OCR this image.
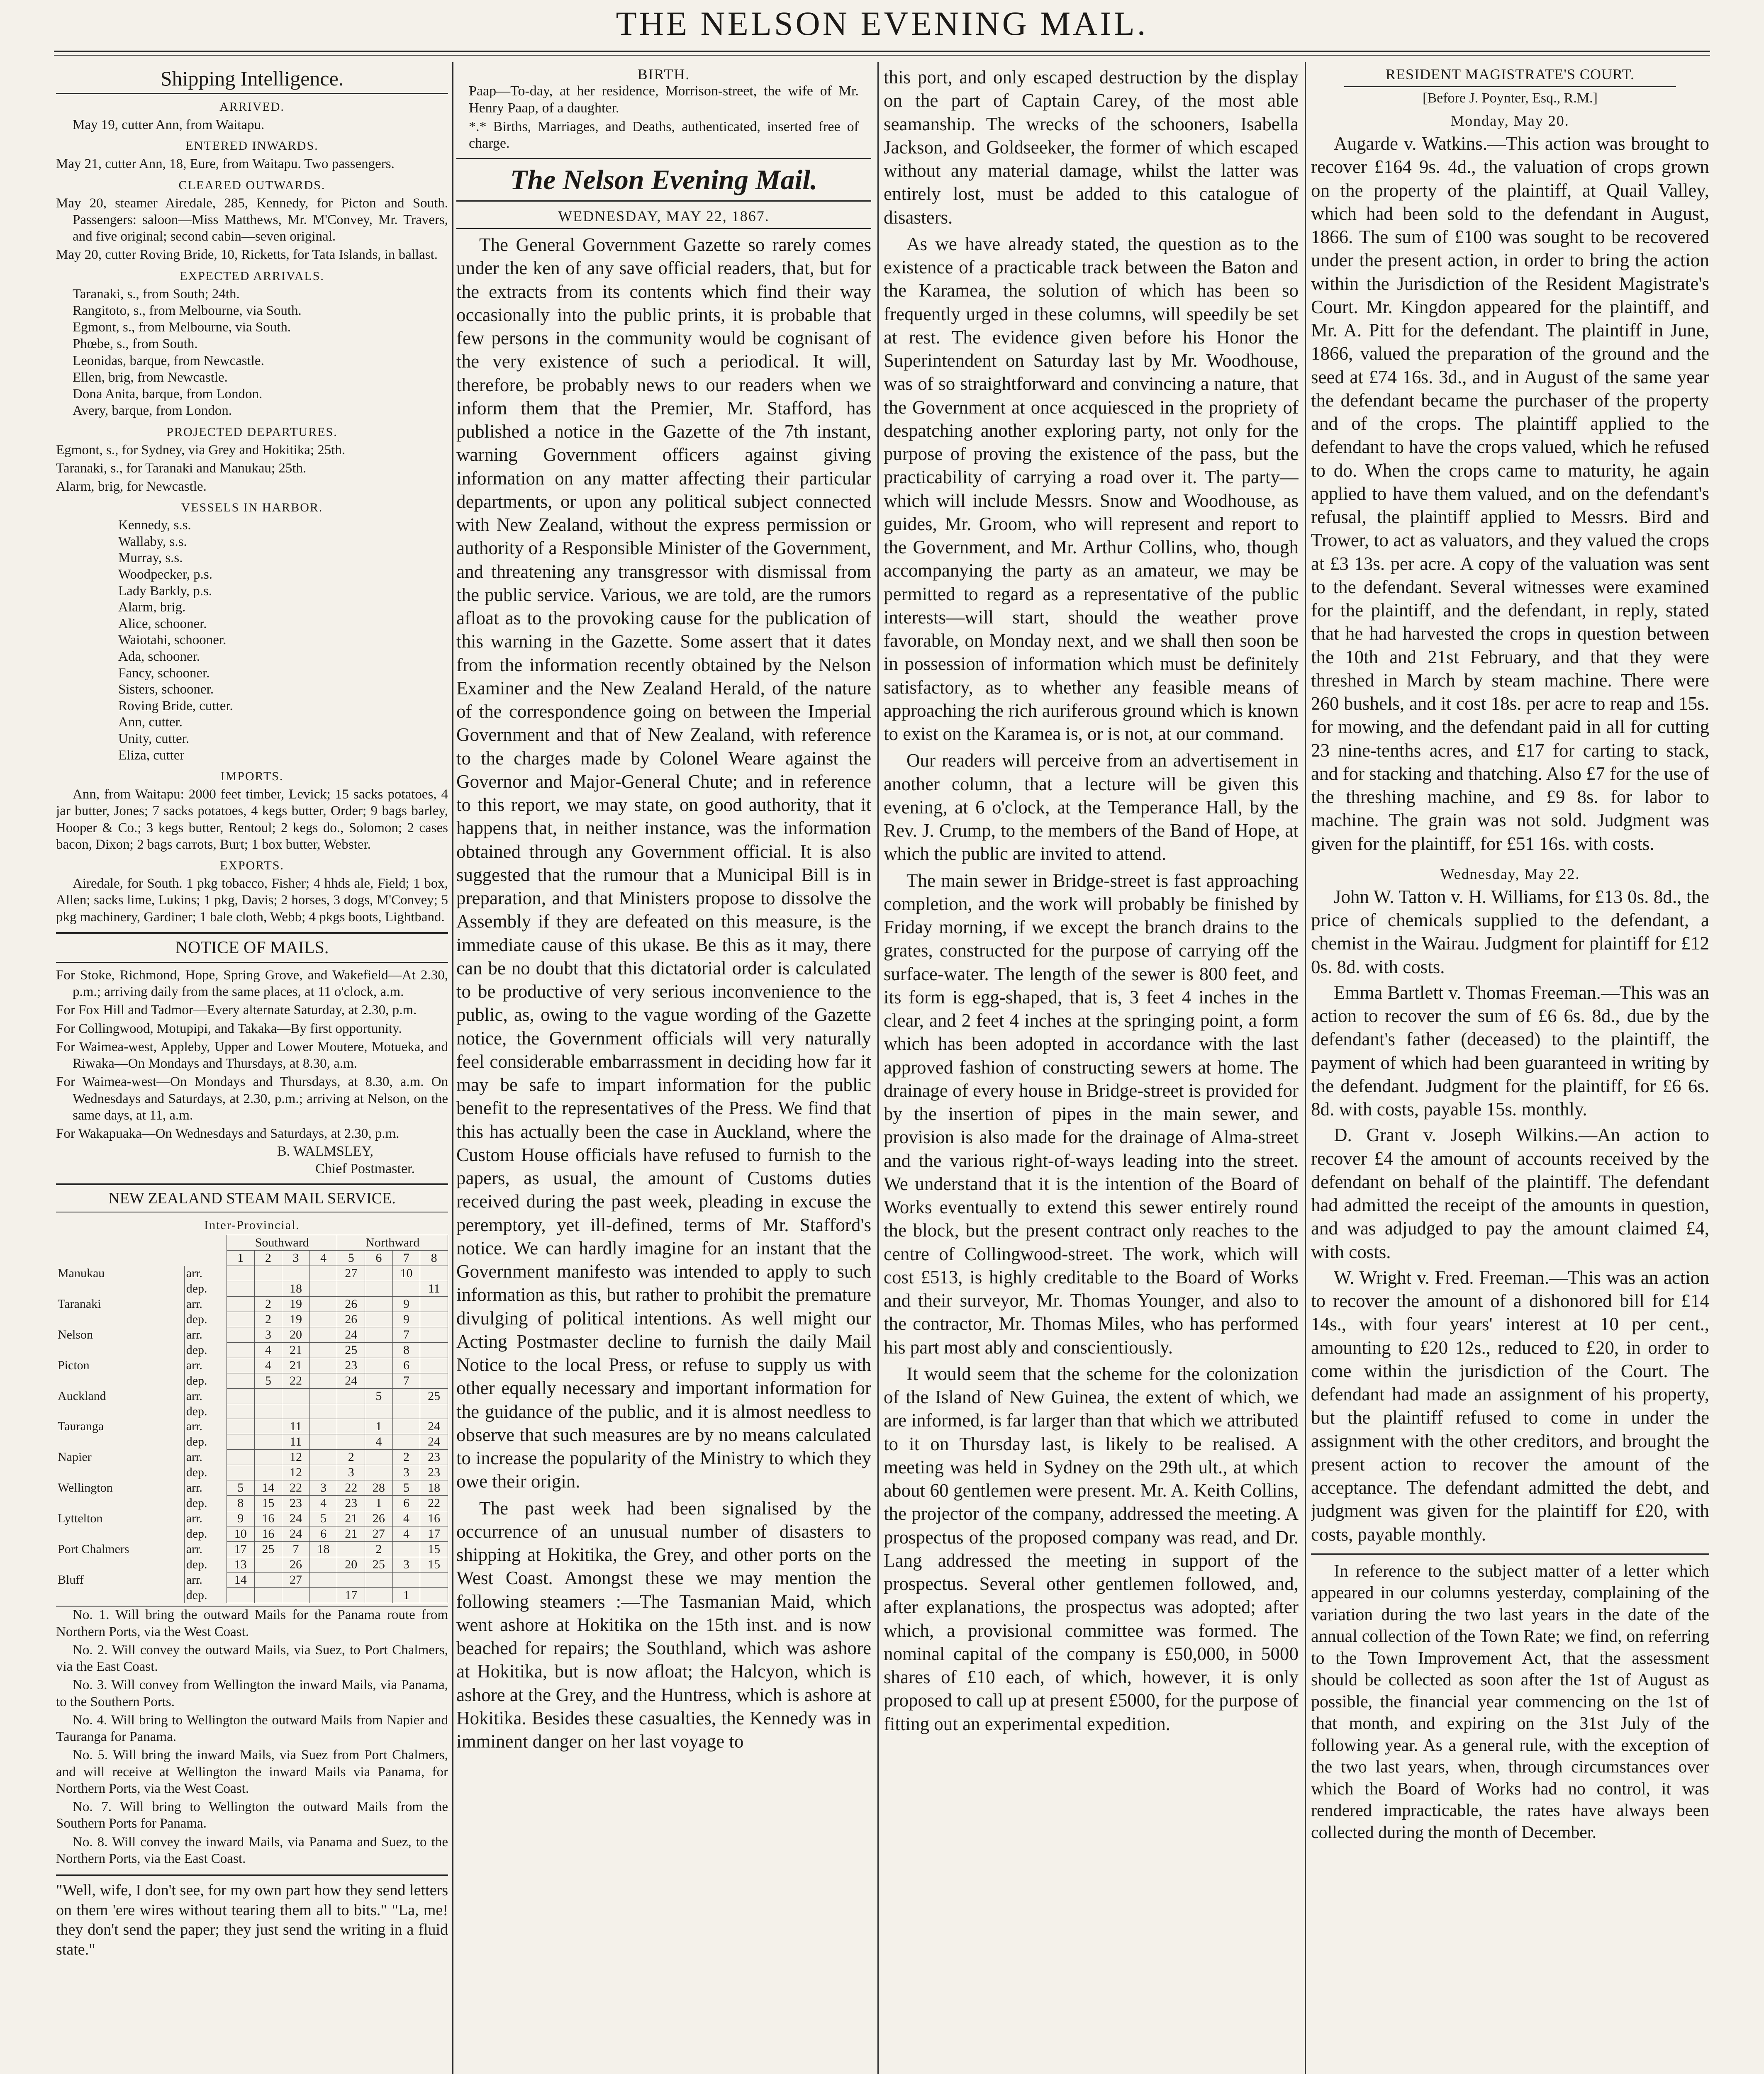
THE NELSON EVENING MAIL.
Shipping Intelligence.
ARRIVED.

May 19, cutter Ann, from Waitapu.

ENTERED INWARDS.

May 21, cutter Ann, 18, Eure, from Waitapu. Two passengers.

CLEARED OUTWARDS.

May 20, steamer Airedale, 285, Kennedy, for Picton and South. Passengers: saloon—Miss Matthews, Mr. M'Convey, Mr. Travers, and five original; second cabin—seven original.

May 20, cutter Roving Bride, 10, Ricketts, for Tata Islands, in ballast.

EXPECTED ARRIVALS.

Taranaki, s., from South; 24th.

Rangitoto, s., from Melbourne, via South.

Egmont, s., from Melbourne, via South.

Phœbe, s., from South.

Leonidas, barque, from Newcastle.

Ellen, brig, from Newcastle.

Dona Anita, barque, from London.

Avery, barque, from London.

PROJECTED DEPARTURES.

Egmont, s., for Sydney, via Grey and Hokitika; 25th.

Taranaki, s., for Taranaki and Manukau; 25th.

Alarm, brig, for Newcastle.

VESSELS IN HARBOR.

Kennedy, s.s.

Wallaby, s.s.

Murray, s.s.

Woodpecker, p.s.

Lady Barkly, p.s.

Alarm, brig.

Alice, schooner.

Waiotahi, schooner.

Ada, schooner.

Fancy, schooner.

Sisters, schooner.

Roving Bride, cutter.

Ann, cutter.

Unity, cutter.

Eliza, cutter

IMPORTS.

Ann, from Waitapu: 2000 feet timber, Levick; 15 sacks potatoes, 4 jar butter, Jones; 7 sacks potatoes, 4 kegs butter, Order; 9 bags barley, Hooper & Co.; 3 kegs butter, Rentoul; 2 kegs do., Solomon; 2 cases bacon, Dixon; 2 bags carrots, Burt; 1 box butter, Webster.

EXPORTS.

Airedale, for South. 1 pkg tobacco, Fisher; 4 hhds ale, Field; 1 box, Allen; sacks lime, Lukins; 1 pkg, Davis; 2 horses, 3 dogs, M'Convey; 5 pkg machinery, Gardiner; 1 bale cloth, Webb; 4 pkgs boots, Lightband.

NOTICE OF MAILS.

For Stoke, Richmond, Hope, Spring Grove, and Wakefield—At 2.30, p.m.; arriving daily from the same places, at 11 o'clock, a.m.

For Fox Hill and Tadmor—Every alternate Saturday, at 2.30, p.m.

For Collingwood, Motupipi, and Takaka—By first opportunity.

For Waimea-west, Appleby, Upper and Lower Moutere, Motueka, and Riwaka—On Mondays and Thursdays, at 8.30, a.m.

For Waimea-west—On Mondays and Thursdays, at 8.30, a.m. On Wednesdays and Saturdays, at 2.30, p.m.; arriving at Nelson, on the same days, at 11, a.m.

For Wakapuaka—On Wednesdays and Saturdays, at 2.30, p.m.

B. WALMSLEY,
Chief Postmaster.
NEW ZEALAND STEAM MAIL SERVICE.
Inter-Provincial.
		Southward				Northward			
		1	2	3	4	5	6	7	8
Manukau	arr.					27		10	
	dep.			18					11
Taranaki	arr.		2	19		26		9	
	dep.		2	19		26		9	
Nelson	arr.		3	20		24		7	
	dep.		4	21		25		8	
Picton	arr.		4	21		23		6	
	dep.		5	22		24		7	
Auckland	arr.						5		25
	dep.								
Tauranga	arr.			11			1		24
	dep.			11			4		24
Napier	arr.			12		2		2	23
	dep.			12		3		3	23
Wellington	arr.	5	14	22	3	22	28	5	18
	dep.	8	15	23	4	23	1	6	22
Lyttelton	arr.	9	16	24	5	21	26	4	16
	dep.	10	16	24	6	21	27	4	17
Port Chalmers	arr.	17	25	7	18		2		15
	dep.	13		26		20	25	3	15
Bluff	arr.	14		27					
	dep.					17		1	

No. 1. Will bring the outward Mails for the Panama route from Northern Ports, via the West Coast.

No. 2. Will convey the outward Mails, via Suez, to Port Chalmers, via the East Coast.

No. 3. Will convey from Wellington the inward Mails, via Panama, to the Southern Ports.

No. 4. Will bring to Wellington the outward Mails from Napier and Tauranga for Panama.

No. 5. Will bring the inward Mails, via Suez from Port Chalmers, and will receive at Wellington the inward Mails via Panama, for Northern Ports, via the West Coast.

No. 7. Will bring to Wellington the outward Mails from the Southern Ports for Panama.

No. 8. Will convey the inward Mails, via Panama and Suez, to the Northern Ports, via the East Coast.

"Well, wife, I don't see, for my own part how they send letters on them 'ere wires without tearing them all to bits." "La, me! they don't send the paper; they just send the writing in a fluid state."

BIRTH.

Paap—To-day, at her residence, Morrison-street, the wife of Mr. Henry Paap, of a daughter.

*.* Births, Marriages, and Deaths, authenticated, inserted free of charge.

The Nelson Evening Mail.
WEDNESDAY, MAY 22, 1867.

The General Government Gazette so rarely comes under the ken of any save official readers, that, but for the extracts from its contents which find their way occasionally into the public prints, it is probable that few persons in the community would be cognisant of the very existence of such a periodical. It will, therefore, be probably news to our readers when we inform them that the Premier, Mr. Stafford, has published a notice in the Gazette of the 7th instant, warning Government officers against giving information on any matter affecting their particular departments, or upon any political subject connected with New Zealand, without the express permission or authority of a Responsible Minister of the Government, and threatening any transgressor with dismissal from the public service. Various, we are told, are the rumors afloat as to the provoking cause for the publication of this warning in the Gazette. Some assert that it dates from the information recently obtained by the Nelson Examiner and the New Zealand Herald, of the nature of the correspondence going on between the Imperial Government and that of New Zealand, with reference to the charges made by Colonel Weare against the Governor and Major-General Chute; and in reference to this report, we may state, on good authority, that it happens that, in neither instance, was the information obtained through any Government official. It is also suggested that the rumour that a Municipal Bill is in preparation, and that Ministers propose to dissolve the Assembly if they are defeated on this measure, is the immediate cause of this ukase. Be this as it may, there can be no doubt that this dictatorial order is calculated to be productive of very serious inconvenience to the public, as, owing to the vague wording of the Gazette notice, the Government officials will very naturally feel considerable embarrassment in deciding how far it may be safe to impart information for the public benefit to the representatives of the Press. We find that this has actually been the case in Auckland, where the Custom House officials have refused to furnish to the papers, as usual, the amount of Customs duties received during the past week, pleading in excuse the peremptory, yet ill-defined, terms of Mr. Stafford's notice. We can hardly imagine for an instant that the Government manifesto was intended to apply to such information as this, but rather to prohibit the premature divulging of political intentions. As well might our Acting Postmaster decline to furnish the daily Mail Notice to the local Press, or refuse to supply us with other equally necessary and important information for the guidance of the public, and it is almost needless to observe that such measures are by no means calculated to increase the popularity of the Ministry to which they owe their origin.

The past week had been signalised by the occurrence of an unusual number of disasters to shipping at Hokitika, the Grey, and other ports on the West Coast. Amongst these we may mention the following steamers :—The Tasmanian Maid, which went ashore at Hokitika on the 15th inst. and is now beached for repairs; the Southland, which was ashore at Hokitika, but is now afloat; the Halcyon, which is ashore at the Grey, and the Huntress, which is ashore at Hokitika. Besides these casualties, the Kennedy was in imminent danger on her last voyage to

this port, and only escaped destruction by the display on the part of Captain Carey, of the most able seamanship. The wrecks of the schooners, Isabella Jackson, and Goldseeker, the former of which escaped without any material damage, whilst the latter was entirely lost, must be added to this catalogue of disasters.

As we have already stated, the question as to the existence of a practicable track between the Baton and the Karamea, the solution of which has been so frequently urged in these columns, will speedily be set at rest. The evidence given before his Honor the Superintendent on Saturday last by Mr. Woodhouse, was of so straightforward and convincing a nature, that the Government at once acquiesced in the propriety of despatching another exploring party, not only for the purpose of proving the existence of the pass, but the practicability of carrying a road over it. The party—which will include Messrs. Snow and Woodhouse, as guides, Mr. Groom, who will represent and report to the Government, and Mr. Arthur Collins, who, though accompanying the party as an amateur, we may be permitted to regard as a representative of the public interests—will start, should the weather prove favorable, on Monday next, and we shall then soon be in possession of information which must be definitely satisfactory, as to whether any feasible means of approaching the rich auriferous ground which is known to exist on the Karamea is, or is not, at our command.

Our readers will perceive from an advertisement in another column, that a lecture will be given this evening, at 6 o'clock, at the Temperance Hall, by the Rev. J. Crump, to the members of the Band of Hope, at which the public are invited to attend.

The main sewer in Bridge-street is fast approaching completion, and the work will probably be finished by Friday morning, if we except the branch drains to the grates, constructed for the purpose of carrying off the surface-water. The length of the sewer is 800 feet, and its form is egg-shaped, that is, 3 feet 4 inches in the clear, and 2 feet 4 inches at the springing point, a form which has been adopted in accordance with the last approved fashion of constructing sewers at home. The drainage of every house in Bridge-street is provided for by the insertion of pipes in the main sewer, and provision is also made for the drainage of Alma-street and the various right-of-ways leading into the street. We understand that it is the intention of the Board of Works eventually to extend this sewer entirely round the block, but the present contract only reaches to the centre of Collingwood-street. The work, which will cost £513, is highly creditable to the Board of Works and their surveyor, Mr. Thomas Younger, and also to the contractor, Mr. Thomas Miles, who has performed his part most ably and conscientiously.

It would seem that the scheme for the colonization of the Island of New Guinea, the extent of which, we are informed, is far larger than that which we attributed to it on Thursday last, is likely to be realised. A meeting was held in Sydney on the 29th ult., at which about 60 gentlemen were present. Mr. A. Keith Collins, the projector of the company, addressed the meeting. A prospectus of the proposed company was read, and Dr. Lang addressed the meeting in support of the prospectus. Several other gentlemen followed, and, after explanations, the prospectus was adopted; after which, a provisional committee was formed. The nominal capital of the company is £50,000, in 5000 shares of £10 each, of which, however, it is only proposed to call up at present £5000, for the purpose of fitting out an experimental expedition.

RESIDENT MAGISTRATE'S COURT.
[Before J. Poynter, Esq., R.M.]
Monday, May 20.

Augarde v. Watkins.—This action was brought to recover £164 9s. 4d., the valuation of crops grown on the property of the plaintiff, at Quail Valley, which had been sold to the defendant in August, 1866. The sum of £100 was sought to be recovered under the present action, in order to bring the action within the Jurisdiction of the Resident Magistrate's Court. Mr. Kingdon appeared for the plaintiff, and Mr. A. Pitt for the defendant. The plaintiff in June, 1866, valued the preparation of the ground and the seed at £74 16s. 3d., and in August of the same year the defendant became the purchaser of the property and of the crops. The plaintiff applied to the defendant to have the crops valued, which he refused to do. When the crops came to maturity, he again applied to have them valued, and on the defendant's refusal, the plaintiff applied to Messrs. Bird and Trower, to act as valuators, and they valued the crops at £3 13s. per acre. A copy of the valuation was sent to the defendant. Several witnesses were examined for the plaintiff, and the defendant, in reply, stated that he had harvested the crops in question between the 10th and 21st February, and that they were threshed in March by steam machine. There were 260 bushels, and it cost 18s. per acre to reap and 15s. for mowing, and the defendant paid in all for cutting 23 nine-tenths acres, and £17 for carting to stack, and for stacking and thatching. Also £7 for the use of the threshing machine, and £9 8s. for labor to machine. The grain was not sold. Judgment was given for the plaintiff, for £51 16s. with costs.

Wednesday, May 22.

John W. Tatton v. H. Williams, for £13 0s. 8d., the price of chemicals supplied to the defendant, a chemist in the Wairau. Judgment for plaintiff for £12 0s. 8d. with costs.

Emma Bartlett v. Thomas Freeman.—This was an action to recover the sum of £6 6s. 8d., due by the defendant's father (deceased) to the plaintiff, the payment of which had been guaranteed in writing by the defendant. Judgment for the plaintiff, for £6 6s. 8d. with costs, payable 15s. monthly.

D. Grant v. Joseph Wilkins.—An action to recover £4 the amount of accounts received by the defendant on behalf of the plaintiff. The defendant had admitted the receipt of the amounts in question, and was adjudged to pay the amount claimed £4, with costs.

W. Wright v. Fred. Freeman.—This was an action to recover the amount of a dishonored bill for £14 14s., with four years' interest at 10 per cent., amounting to £20 12s., reduced to £20, in order to come within the jurisdiction of the Court. The defendant had made an assignment of his property, but the plaintiff refused to come in under the assignment with the other creditors, and brought the present action to recover the amount of the acceptance. The defendant admitted the debt, and judgment was given for the plaintiff for £20, with costs, payable monthly.

In reference to the subject matter of a letter which appeared in our columns yesterday, complaining of the variation during the two last years in the date of the annual collection of the Town Rate; we find, on referring to the Town Improvement Act, that the assessment should be collected as soon after the 1st of August as possible, the financial year commencing on the 1st of that month, and expiring on the 31st July of the following year. As a general rule, with the exception of the two last years, when, through circumstances over which the Board of Works had no control, it was rendered impracticable, the rates have always been collected during the month of December.
